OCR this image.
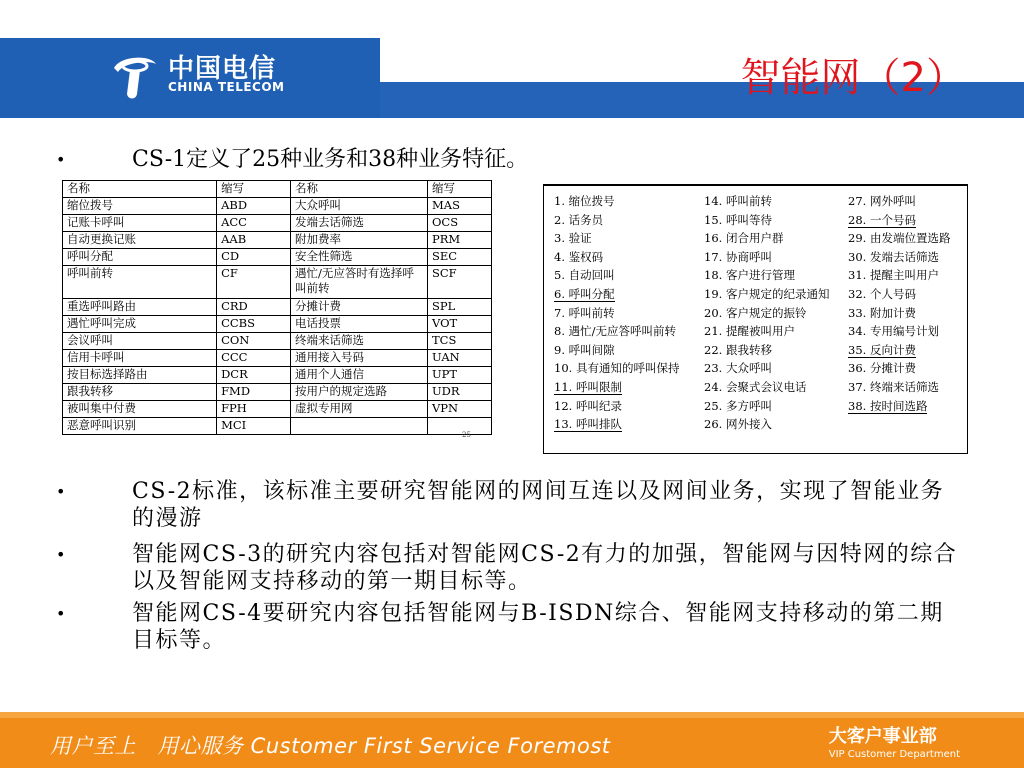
中国电信
CHINA TELECOM	智能网（2）
•	CS-1定义了25种业务和38种业务特征。
名称	缩写	名称	缩写
缩位拨号	ABD	大众呼叫	MAS
记账卡呼叫	ACC	发端去话筛选	OCS
自动更换记账	AAB	附加费率	PRM
呼叫分配	CD	安全性筛选	SEC
呼叫前转	CF	遇忙/无应答时有选择呼叫前转	SCF
重选呼叫路由	CRD	分摊计费	SPL
遇忙呼叫完成	CCBS	电话投票	VOT
会议呼叫	CON	终端来话筛选	TCS
信用卡呼叫	CCC	通用接入号码	UAN
按目标选择路由	DCR	通用个人通信	UPT
跟我转移	FMD	按用户的规定选路	UDR
被叫集中付费	FPH	虚拟专用网	VPN
恶意呼叫识别	MCI		
25
1. 缩位拨号
2. 话务员
3. 验证
4. 鉴权码
5. 自动回叫
6. 呼叫分配
7. 呼叫前转
8. 遇忙/无应答呼叫前转
9. 呼叫间隙
10. 具有通知的呼叫保持
11. 呼叫限制
12. 呼叫纪录
13. 呼叫排队
14. 呼叫前转
15. 呼叫等待
16. 闭合用户群
17. 协商呼叫
18. 客户进行管理
19. 客户规定的纪录通知
20. 客户规定的振铃
21. 提醒被叫用户
22. 跟我转移
23. 大众呼叫
24. 会聚式会议电话
25. 多方呼叫
26. 网外接入
27. 网外呼叫
28. 一个号码
29. 由发端位置选路
30. 发端去话筛选
31. 提醒主叫用户
32. 个人号码
33. 附加计费
34. 专用编号计划
35. 反向计费
36. 分摊计费
37. 终端来话筛选
38. 按时间选路
•	CS-2标准，该标准主要研究智能网的网间互连以及网间业务，实现了智能业务的漫游
•	智能网CS-3的研究内容包括对智能网CS-2有力的加强，智能网与因特网的综合以及智能网支持移动的第一期目标等。
•	智能网CS-4要研究内容包括智能网与B-ISDN综合、智能网支持移动的第二期目标等。
用户至上　用心服务 Customer First Service Foremost	大客户事业部
VIP Customer Department
